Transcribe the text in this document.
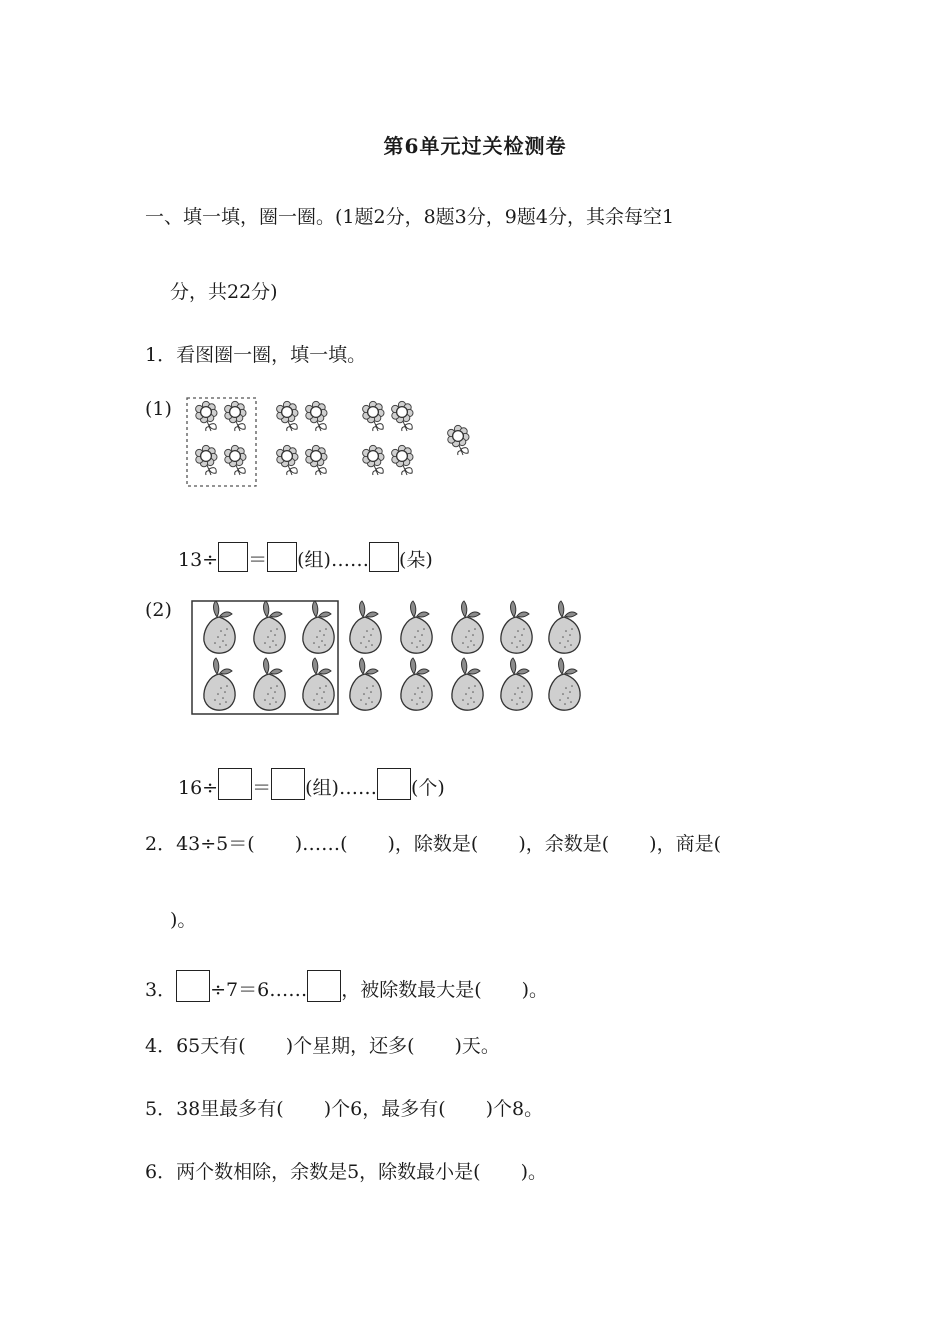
第6单元过关检测卷
一、填一填，圈一圈。(1题2分，8题3分，9题4分，其余每空1
分，共22分)
1．看图圈一圈，填一填。
(1)
13÷ ＝ (组)…… (朵)
(2)
16÷ ＝ (组)…… (个)
2．43÷5＝( )……( )，除数是( )，余数是( )，商是(
)。
3． ÷7＝6…… ，被除数最大是( )。
4．65天有( )个星期，还多( )天。
5．38里最多有( )个6，最多有( )个8。
6．两个数相除，余数是5，除数最小是( )。
